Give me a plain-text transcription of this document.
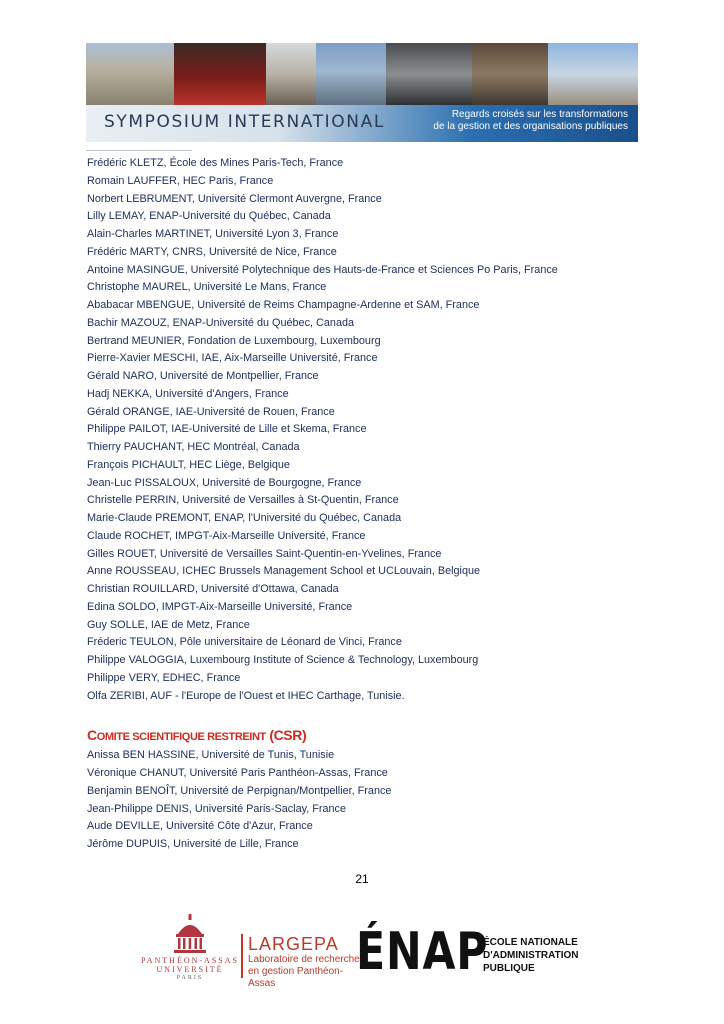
SYMPOSIUM INTERNATIONAL	Regards croisés sur les transformations
de la gestion et des organisations publiques
Frédéric KLETZ, École des Mines Paris-Tech, France
Romain LAUFFER, HEC Paris, France
Norbert LEBRUMENT, Université Clermont Auvergne, France
Lilly LEMAY, ENAP-Université du Québec, Canada
Alain-Charles MARTINET, Université Lyon 3, France
Frédéric MARTY, CNRS, Université de Nice, France
Antoine MASINGUE, Université Polytechnique des Hauts-de-France et Sciences Po Paris, France
Christophe MAUREL, Université Le Mans, France
Ababacar MBENGUE, Université de Reims Champagne-Ardenne et SAM, France
Bachir MAZOUZ, ENAP-Université du Québec, Canada
Bertrand MEUNIER, Fondation de Luxembourg, Luxembourg
Pierre-Xavier MESCHI, IAE, Aix-Marseille Université, France
Gérald NARO, Université de Montpellier, France
Hadj NEKKA, Université d'Angers, France
Gérald ORANGE, IAE-Université de Rouen, France
Philippe PAILOT, IAE-Université de Lille et Skema, France
Thierry PAUCHANT, HEC Montréal, Canada
François PICHAULT, HEC Liège, Belgique
Jean-Luc PISSALOUX, Université de Bourgogne, France
Christelle PERRIN, Université de Versailles à St-Quentin, France
Marie-Claude PREMONT, ENAP, l'Université du Québec, Canada
Claude ROCHET, IMPGT-Aix-Marseille Université, France
Gilles ROUET, Université de Versailles Saint-Quentin-en-Yvelines, France
Anne ROUSSEAU, ICHEC Brussels Management School et UCLouvain, Belgique
Christian ROUILLARD, Université d'Ottawa, Canada
Edina SOLDO, IMPGT-Aix-Marseille Université, France
Guy SOLLE, IAE de Metz, France
Fréderic TEULON, Pôle universitaire de Léonard de Vinci, France
Philippe VALOGGIA, Luxembourg Institute of Science & Technology, Luxembourg
Philippe VERY, EDHEC, France
Olfa ZERIBI, AUF - l'Europe de l'Ouest et IHEC Carthage, Tunisie.
COMITE SCIENTIFIQUE RESTREINT (CSR)
Anissa BEN HASSINE, Université de Tunis, Tunisie
Véronique CHANUT, Université Paris Panthéon-Assas, France
Benjamin BENOÎT, Université de Perpignan/Montpellier, France
Jean-Philippe DENIS, Université Paris-Saclay, France
Aude DEVILLE, Université Côte d'Azur, France
Jérôme DUPUIS, Université de Lille, France
21
PANTHÉON-ASSAS
UNIVERSITÉ
PARIS
LARGEPA
Laboratoire de recherche
en gestion Panthéon-Assas
ÉNAP
ÉCOLE NATIONALE
D'ADMINISTRATION
PUBLIQUE
